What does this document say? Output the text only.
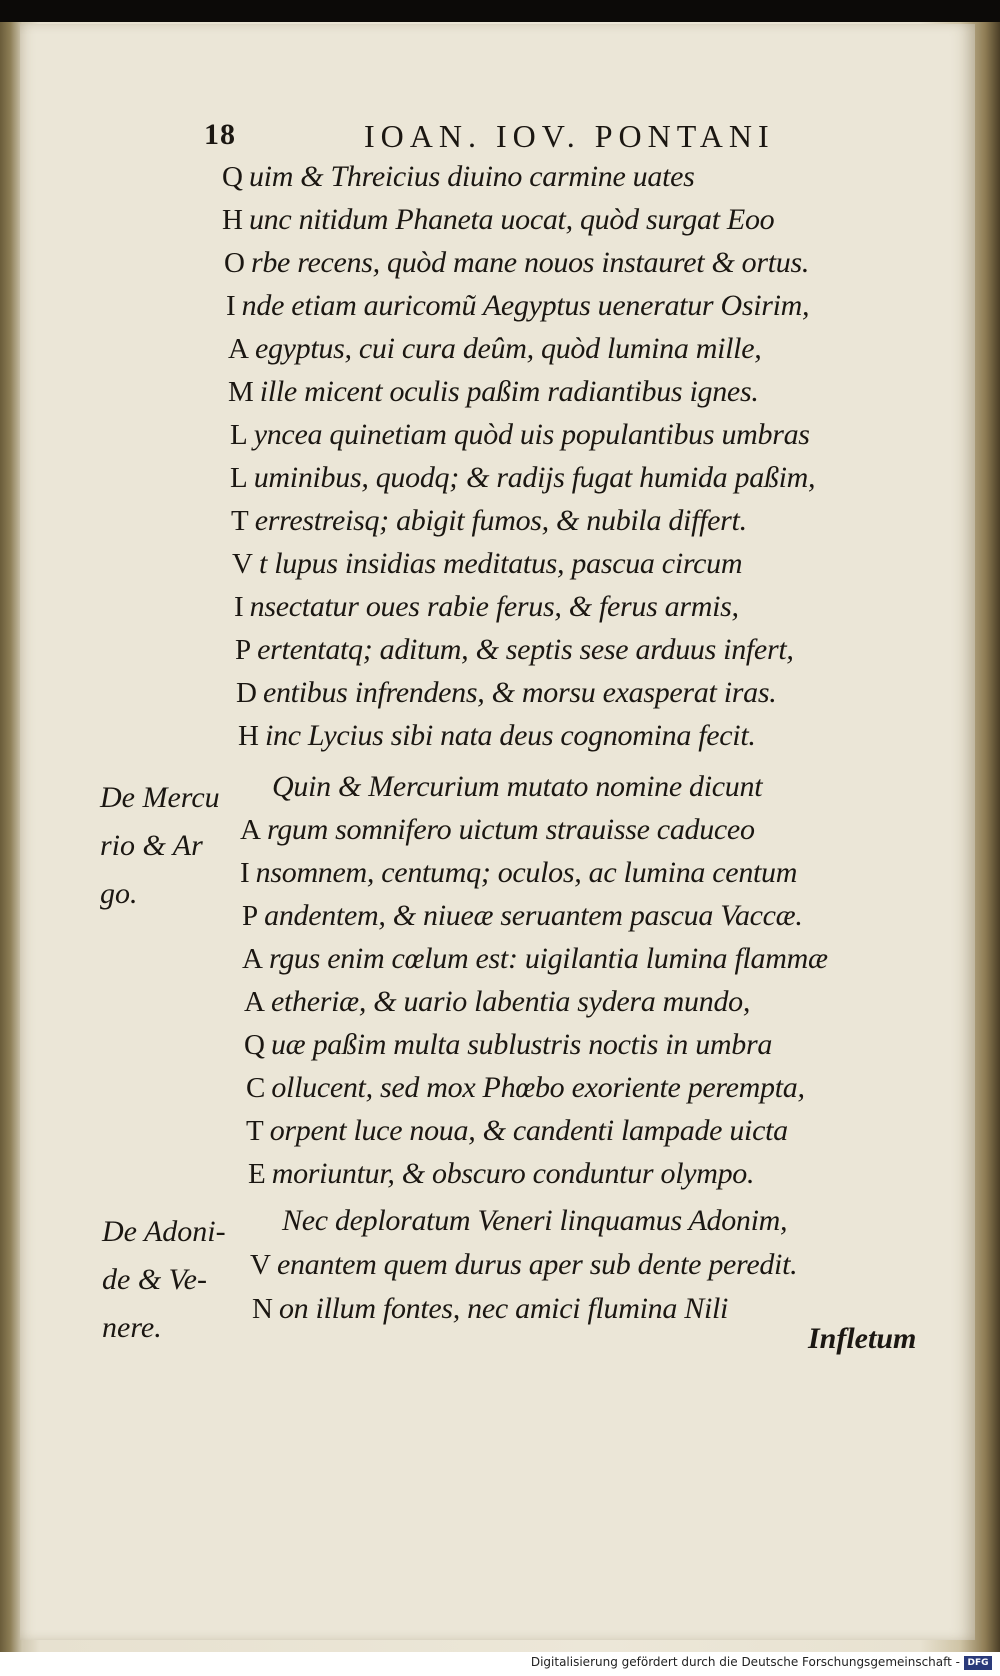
18	IOAN. IOV. PONTANI
Q uim & Threicius diuino carmine uates
H unc nitidum Phaneta uocat, quòd surgat Eoo
O rbe recens, quòd mane nouos instauret & ortus.
I nde etiam auricomũ Aegyptus ueneratur Osirim,
A egyptus, cui cura deûm, quòd lumina mille,
M ille micent oculis paßim radiantibus ignes.
L yncea quinetiam quòd uis populantibus umbras
L uminibus, quodq; & radijs fugat humida paßim,
T errestreisq; abigit fumos, & nubila differt.
V t lupus insidias meditatus, pascua circum
I nsectatur oues rabie ferus, & ferus armis,
P ertentatq; aditum, & septis sese arduus infert,
D entibus infrendens, & morsu exasperat iras.
H inc Lycius sibi nata deus cognomina fecit.
Quin & Mercurium mutato nomine dicunt
A rgum somnifero uictum strauisse caduceo
I nsomnem, centumq; oculos, ac lumina centum
P andentem, & niueæ seruantem pascua Vaccæ.
A rgus enim cœlum est: uigilantia lumina flammæ
A etheriæ, & uario labentia sydera mundo,
Q uæ paßim multa sublustris noctis in umbra
C ollucent, sed mox Phœbo exoriente perempta,
T orpent luce noua, & candenti lampade uicta
E moriuntur, & obscuro conduntur olympo.
Nec deploratum Veneri linquamus Adonim,
V enantem quem durus aper sub dente peredit.
N on illum fontes, nec amici flumina Nili
De Mercu
rio & Ar
go.
De Adoni-
de & Ve-
nere.	Infletum
Digitalisierung gefördert durch die Deutsche Forschungsgemeinschaft - DFG
